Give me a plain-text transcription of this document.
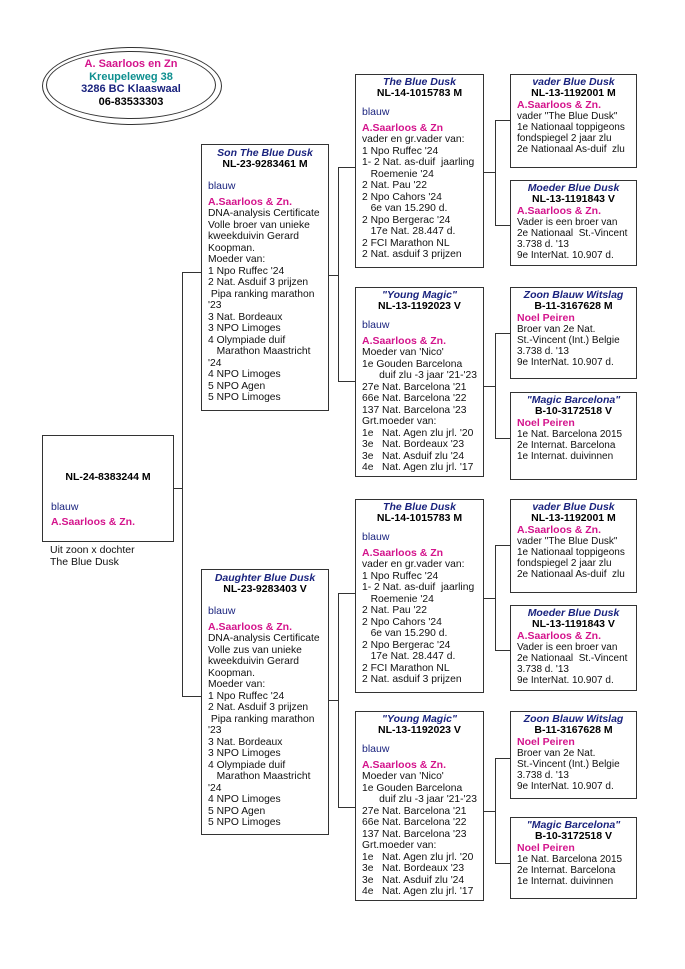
A. Saarloos en Zn
Kreupeleweg 38
3286 BC Klaaswaal
06-83533303
NL-24-8383244 M
blauw
A.Saarloos & Zn.
Uit zoon x dochter
The Blue Dusk
Son The Blue Dusk
NL-23-9283461 M
blauw
A.Saarloos & Zn.
DNA-analysis Certificate
Volle broer van unieke
kweekduivin Gerard
Koopman.
Moeder van:
1 Npo Ruffec '24
2 Nat. Asduif 3 prijzen
Pipa ranking marathon
'23
3 Nat. Bordeaux
3 NPO Limoges
4 Olympiade duif
Marathon Maastricht
'24
4 NPO Limoges
5 NPO Agen
5 NPO Limoges
Daughter Blue Dusk
NL-23-9283403 V
blauw
A.Saarloos & Zn.
DNA-analysis Certificate
Volle zus van unieke
kweekduivin Gerard
Koopman.
Moeder van:
1 Npo Ruffec '24
2 Nat. Asduif 3 prijzen
Pipa ranking marathon
'23
3 Nat. Bordeaux
3 NPO Limoges
4 Olympiade duif
Marathon Maastricht
'24
4 NPO Limoges
5 NPO Agen
5 NPO Limoges
The Blue Dusk
NL-14-1015783 M
blauw
A.Saarloos & Zn
vader en gr.vader van:
1 Npo Ruffec '24
1- 2 Nat. as-duif  jaarling
Roemenie '24
2 Nat. Pau '22
2 Npo Cahors '24
6e van 15.290 d.
2 Npo Bergerac '24
17e Nat. 28.447 d.
2 FCI Marathon NL
2 Nat. asduif 3 prijzen
"Young Magic"
NL-13-1192023 V
blauw
A.Saarloos & Zn.
Moeder van 'Nico'
1e Gouden Barcelona
duif zlu -3 jaar '21-'23
27e Nat. Barcelona '21
66e Nat. Barcelona '22
137 Nat. Barcelona '23
Grt.moeder van:
1e   Nat. Agen zlu jrl. '20
3e   Nat. Bordeaux '23
3e   Nat. Asduif zlu '24
4e   Nat. Agen zlu jrl. '17
The Blue Dusk
NL-14-1015783 M
blauw
A.Saarloos & Zn
vader en gr.vader van:
1 Npo Ruffec '24
1- 2 Nat. as-duif  jaarling
Roemenie '24
2 Nat. Pau '22
2 Npo Cahors '24
6e van 15.290 d.
2 Npo Bergerac '24
17e Nat. 28.447 d.
2 FCI Marathon NL
2 Nat. asduif 3 prijzen
"Young Magic"
NL-13-1192023 V
blauw
A.Saarloos & Zn.
Moeder van 'Nico'
1e Gouden Barcelona
duif zlu -3 jaar '21-'23
27e Nat. Barcelona '21
66e Nat. Barcelona '22
137 Nat. Barcelona '23
Grt.moeder van:
1e   Nat. Agen zlu jrl. '20
3e   Nat. Bordeaux '23
3e   Nat. Asduif zlu '24
4e   Nat. Agen zlu jrl. '17
vader Blue Dusk
NL-13-1192001 M
A.Saarloos & Zn.
vader "The Blue Dusk"
1e Nationaal toppigeons
fondspiegel 2 jaar zlu
2e Nationaal As-duif  zlu
Moeder Blue Dusk
NL-13-1191843 V
A.Saarloos & Zn.
Vader is een broer van
2e Nationaal  St.-Vincent
3.738 d. '13
9e InterNat. 10.907 d.
Zoon Blauw Witslag
B-11-3167628 M
Noel Peiren
Broer van 2e Nat.
St.-Vincent (Int.) Belgie
3.738 d. '13
9e InterNat. 10.907 d.
"Magic Barcelona"
B-10-3172518 V
Noel Peiren
1e Nat. Barcelona 2015
2e Internat. Barcelona
1e Internat. duivinnen
vader Blue Dusk
NL-13-1192001 M
A.Saarloos & Zn.
vader "The Blue Dusk"
1e Nationaal toppigeons
fondspiegel 2 jaar zlu
2e Nationaal As-duif  zlu
Moeder Blue Dusk
NL-13-1191843 V
A.Saarloos & Zn.
Vader is een broer van
2e Nationaal  St.-Vincent
3.738 d. '13
9e InterNat. 10.907 d.
Zoon Blauw Witslag
B-11-3167628 M
Noel Peiren
Broer van 2e Nat.
St.-Vincent (Int.) Belgie
3.738 d. '13
9e InterNat. 10.907 d.
"Magic Barcelona"
B-10-3172518 V
Noel Peiren
1e Nat. Barcelona 2015
2e Internat. Barcelona
1e Internat. duivinnen
